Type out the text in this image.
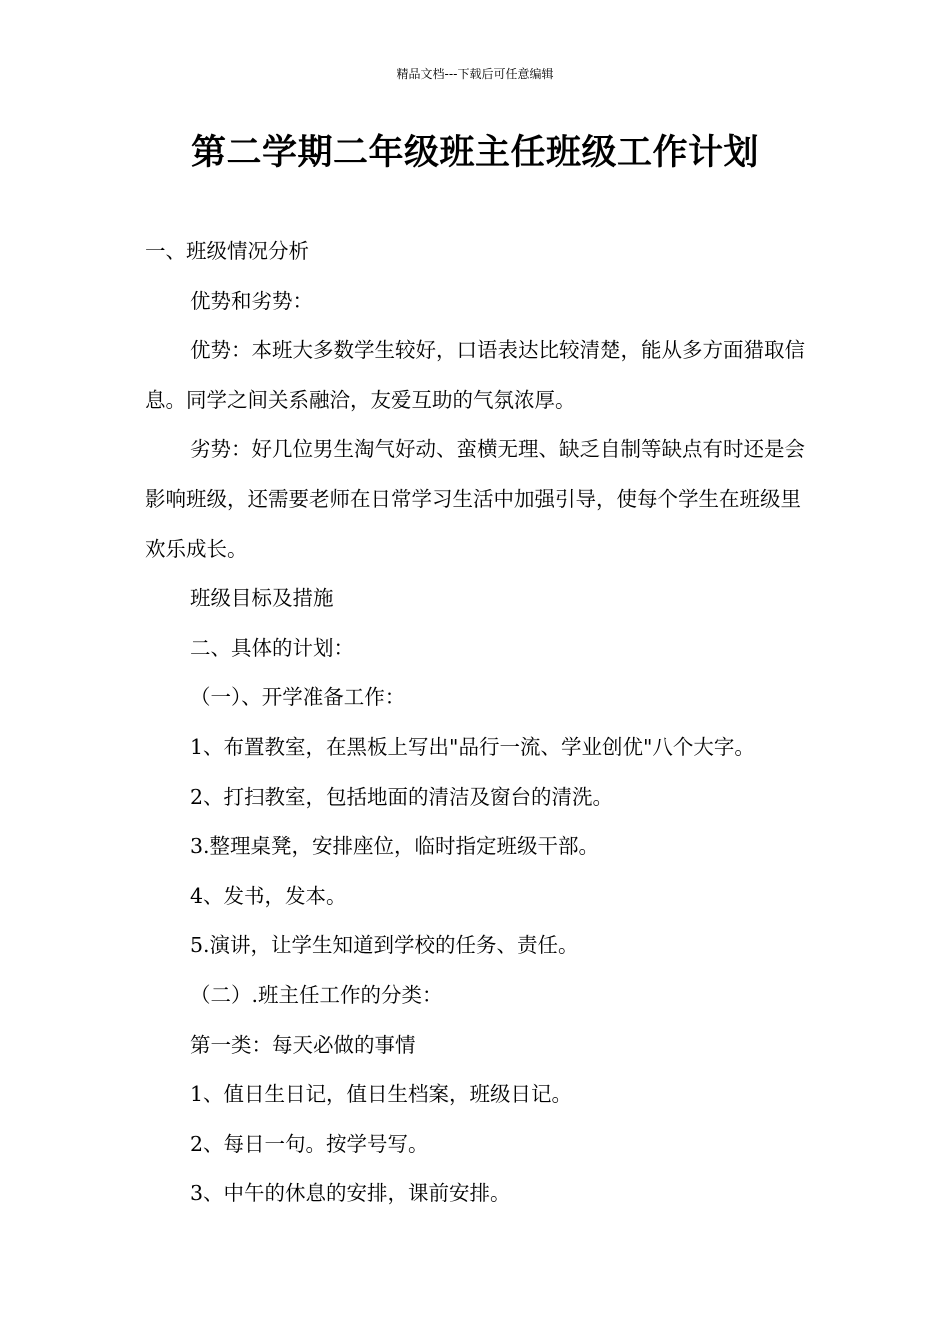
精品文档---下载后可任意编辑
第二学期二年级班主任班级工作计划

一、班级情况分析

优势和劣势：

优势：本班大多数学生较好，口语表达比较清楚，能从多方面猎取信息。同学之间关系融洽，友爱互助的气氛浓厚。

劣势：好几位男生淘气好动、蛮横无理、缺乏自制等缺点有时还是会影响班级，还需要老师在日常学习生活中加强引导，使每个学生在班级里欢乐成长。

班级目标及措施

二、具体的计划：

（一）、开学准备工作：

1、布置教室，在黑板上写出"品行一流、学业创优"八个大字。

2、打扫教室，包括地面的清洁及窗台的清洗。

3.整理桌凳，安排座位，临时指定班级干部。

4、发书，发本。

5.演讲，让学生知道到学校的任务、责任。

（二）.班主任工作的分类：

第一类：每天必做的事情

1、值日生日记，值日生档案，班级日记。

2、每日一句。按学号写。

3、中午的休息的安排，课前安排。
